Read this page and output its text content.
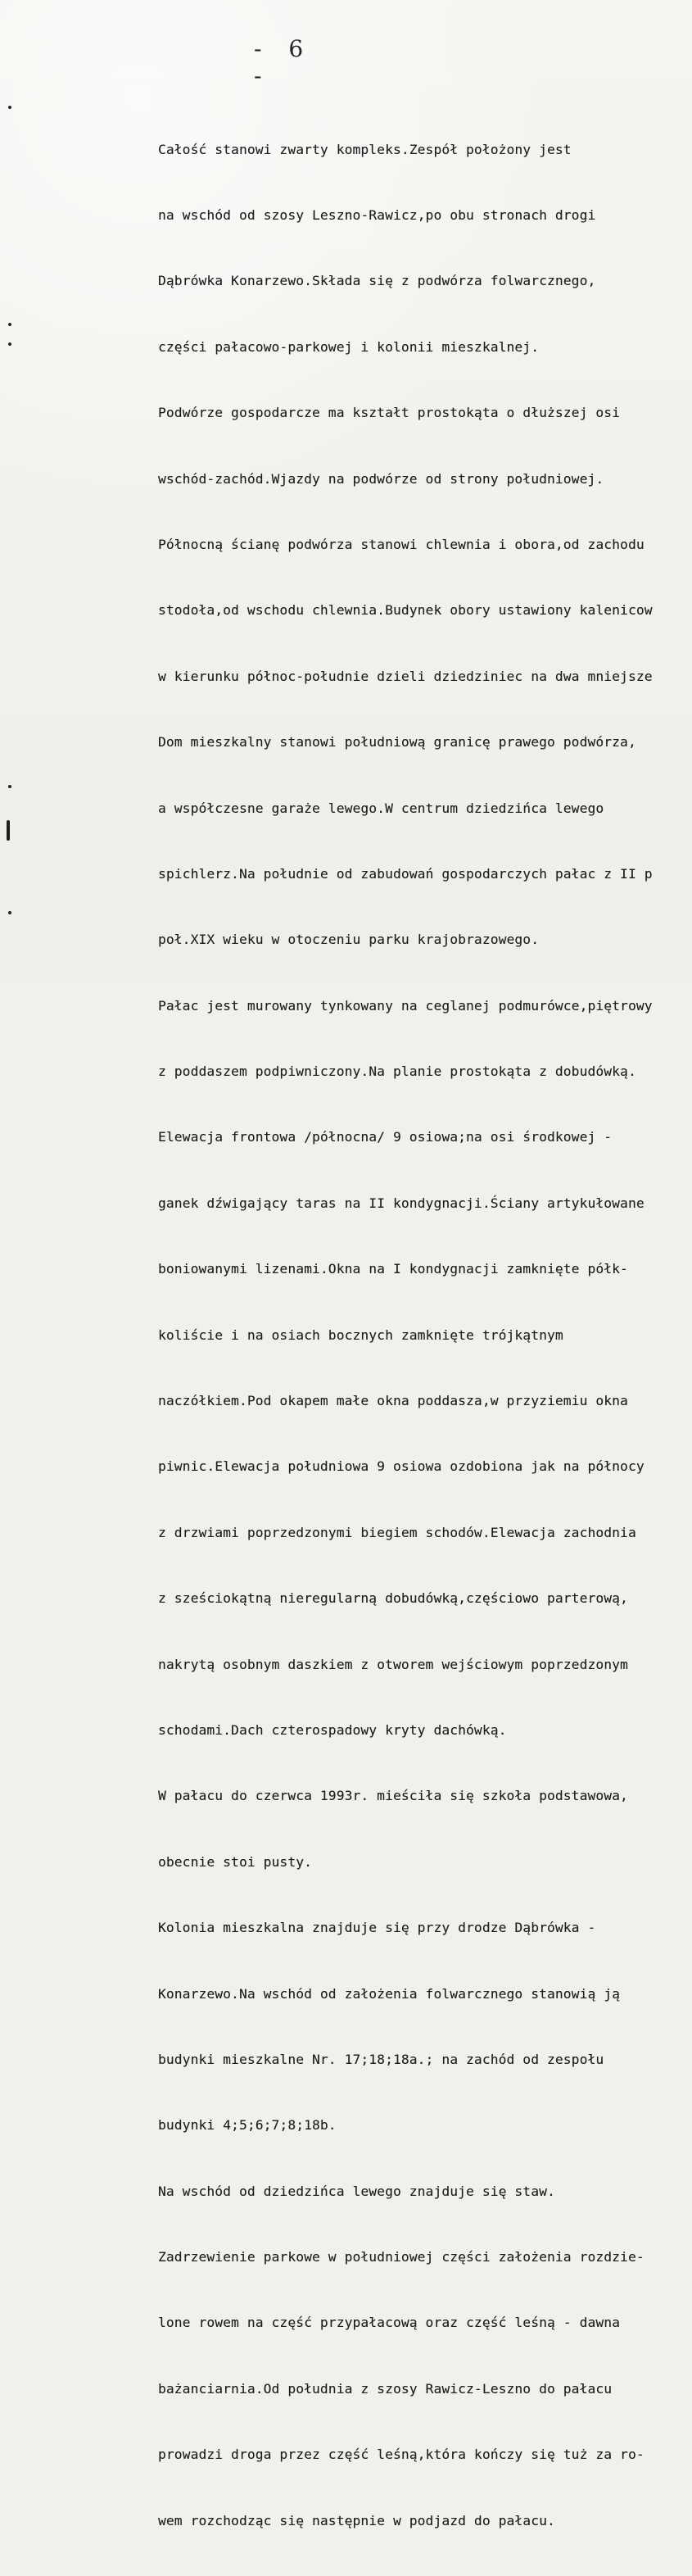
- 6 -

Całość stanowi zwarty kompleks.Zespół położony jest

na wschód od szosy Leszno-Rawicz,po obu stronach drogi

Dąbrówka Konarzewo.Składa się z podwórza folwarcznego,

części pałacowo-parkowej i kolonii mieszkalnej.

Podwórze gospodarcze ma kształt prostokąta o dłuższej osi

wschód-zachód.Wjazdy na podwórze od strony południowej.

Północną ścianę podwórza stanowi chlewnia i obora,od zachodu

stodoła,od wschodu chlewnia.Budynek obory ustawiony kalenicow

w kierunku północ-południe dzieli dziedziniec na dwa mniejsze

Dom mieszkalny stanowi południową granicę prawego podwórza,

a współczesne garaże lewego.W centrum dziedzińca lewego

spichlerz.Na południe od zabudowań gospodarczych pałac z II p

poł.XIX wieku w otoczeniu parku krajobrazowego.

Pałac jest murowany tynkowany na ceglanej podmurówce,piętrowy

z poddaszem podpiwniczony.Na planie prostokąta z dobudówką.

Elewacja frontowa /północna/ 9 osiowa;na osi środkowej -

ganek dźwigający taras na II kondygnacji.Ściany artykułowane

boniowanymi lizenami.Okna na I kondygnacji zamknięte półk-

koliście i na osiach bocznych zamknięte trójkątnym

naczółkiem.Pod okapem małe okna poddasza,w przyziemiu okna

piwnic.Elewacja południowa 9 osiowa ozdobiona jak na północy

z drzwiami poprzedzonymi biegiem schodów.Elewacja zachodnia

z sześciokątną nieregularną dobudówką,częściowo parterową,

nakrytą osobnym daszkiem z otworem wejściowym poprzedzonym

schodami.Dach czterospadowy kryty dachówką.

W pałacu do czerwca 1993r. mieściła się szkoła podstawowa,

obecnie stoi pusty.

Kolonia mieszkalna znajduje się przy drodze Dąbrówka -

Konarzewo.Na wschód od założenia folwarcznego stanowią ją

budynki mieszkalne Nr. 17;18;18a.; na zachód od zespołu

budynki 4;5;6;7;8;18b.

Na wschód od dziedzińca lewego znajduje się staw.

Zadrzewienie parkowe w południowej części założenia rozdzie-

lone rowem na część przypałacową oraz część leśną - dawna

bażanciarnia.Od południa z szosy Rawicz-Leszno do pałacu

prowadzi droga przez część leśną,która kończy się tuż za ro-

wem rozchodząc się następnie w podjazd do pałacu.
